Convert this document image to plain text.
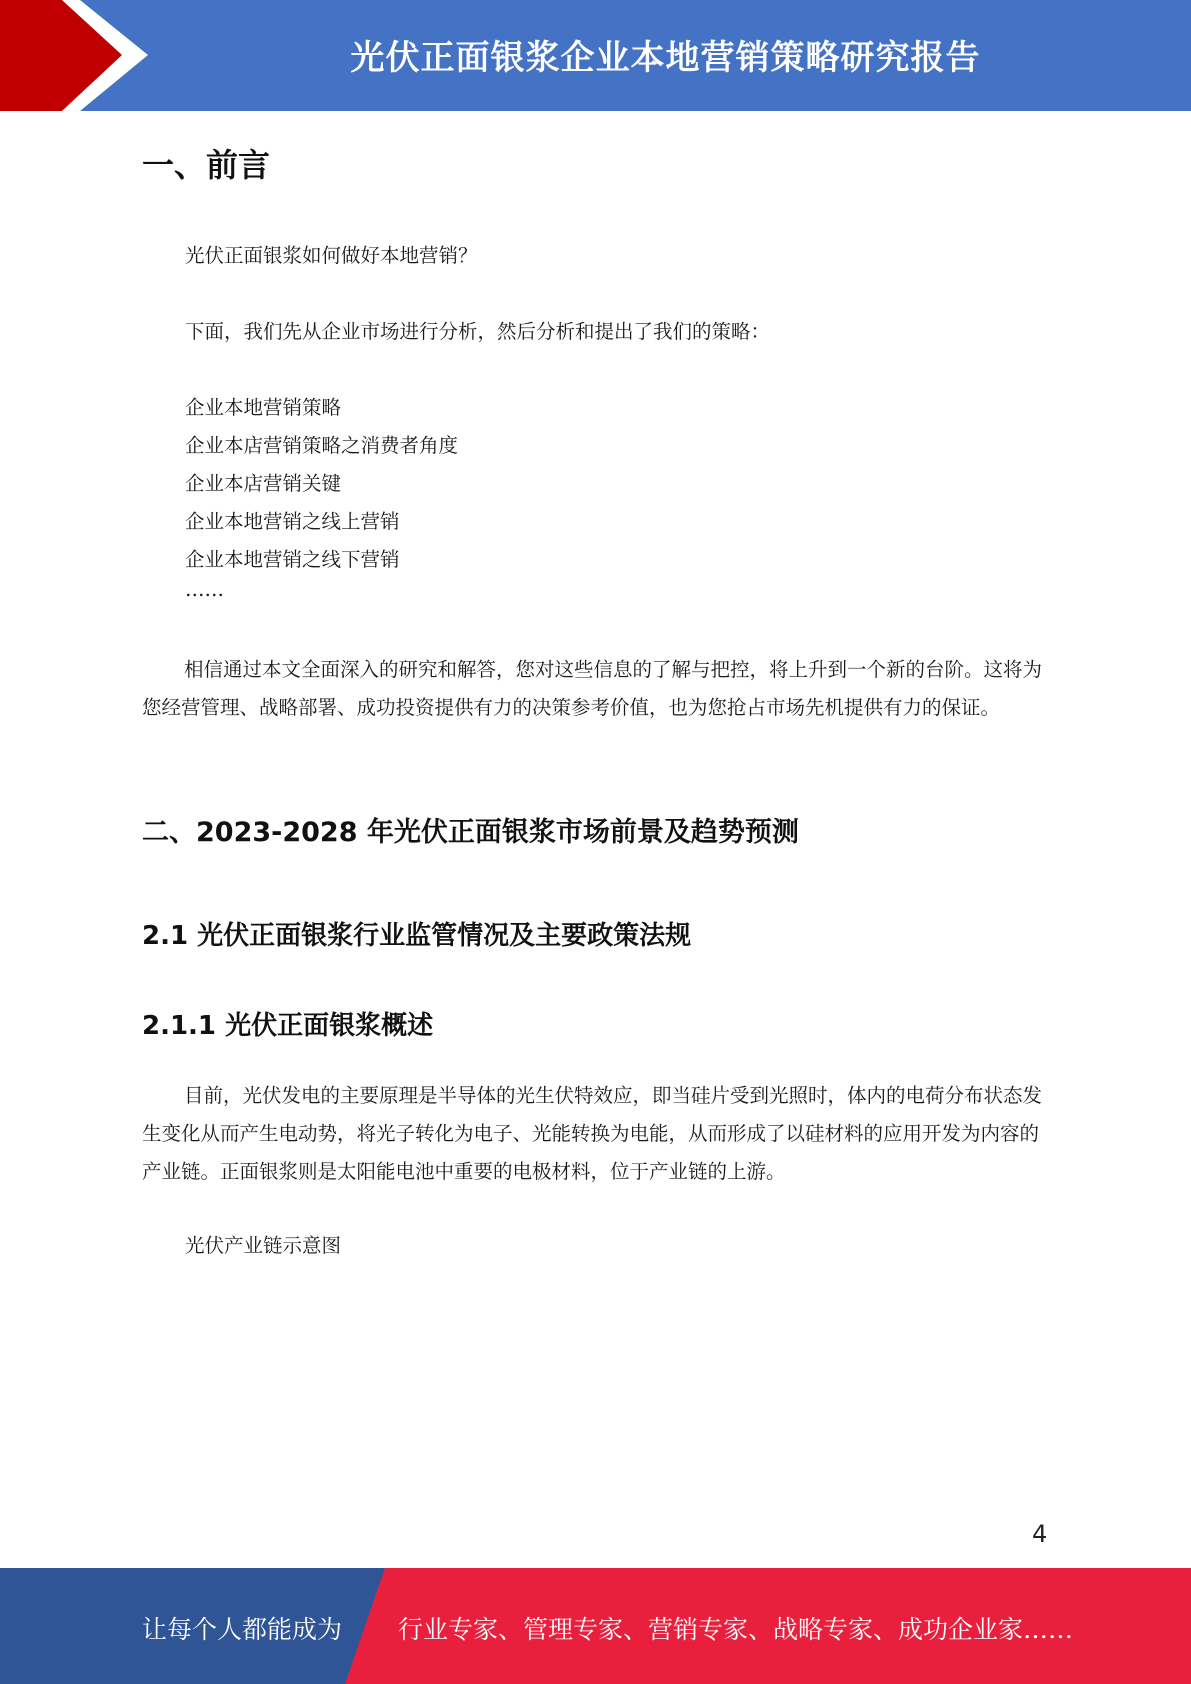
光伏正面银浆企业本地营销策略研究报告
一、前言
光伏正面银浆如何做好本地营销？
下面，我们先从企业市场进行分析，然后分析和提出了我们的策略：
企业本地营销策略
企业本店营销策略之消费者角度
企业本店营销关键
企业本地营销之线上营销
企业本地营销之线下营销
……

相信通过本文全面深入的研究和解答，您对这些信息的了解与把控，将上升到一个新的台阶。这将为您经营管理、战略部署、成功投资提供有力的决策参考价值，也为您抢占市场先机提供有力的保证。

二、2023-2028 年光伏正面银浆市场前景及趋势预测
2.1 光伏正面银浆行业监管情况及主要政策法规
2.1.1 光伏正面银浆概述

目前，光伏发电的主要原理是半导体的光生伏特效应，即当硅片受到光照时，体内的电荷分布状态发生变化从而产生电动势，将光子转化为电子、光能转换为电能，从而形成了以硅材料的应用开发为内容的产业链。正面银浆则是太阳能电池中重要的电极材料，位于产业链的上游。

光伏产业链示意图
4
让每个人都能成为 行业专家、管理专家、营销专家、战略专家、成功企业家……
